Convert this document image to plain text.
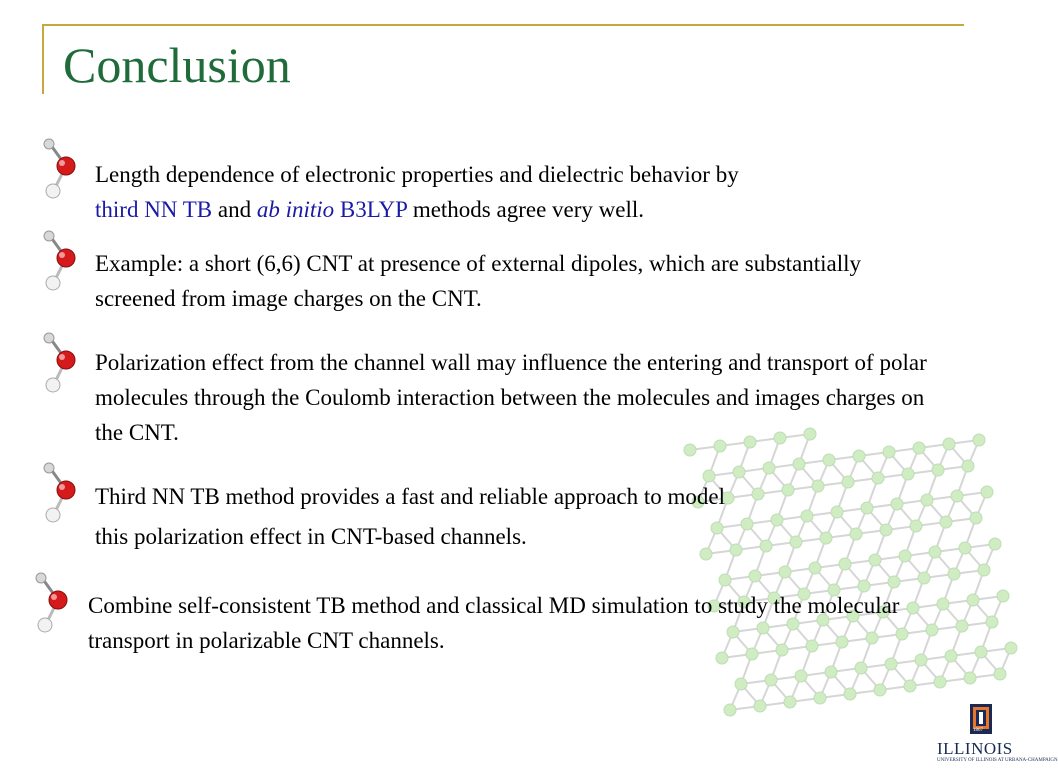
Conclusion
Length dependence of electronic properties and dielectric behavior by
third NN TB and ab initio B3LYP methods agree very well.
Example: a short (6,6) CNT at presence of external dipoles, which are substantially screened from image charges on the CNT.
Polarization effect from the channel wall may influence the entering and transport of polar molecules through the Coulomb interaction between the molecules and images charges on the CNT.
Third NN TB method provides a fast and reliable approach to model
this polarization effect in CNT-based channels.
Combine self-consistent TB method and classical MD simulation to study the molecular transport in polarizable CNT channels.
ILLINOIS
UNIVERSITY OF ILLINOIS AT URBANA-CHAMPAIGN
1867
